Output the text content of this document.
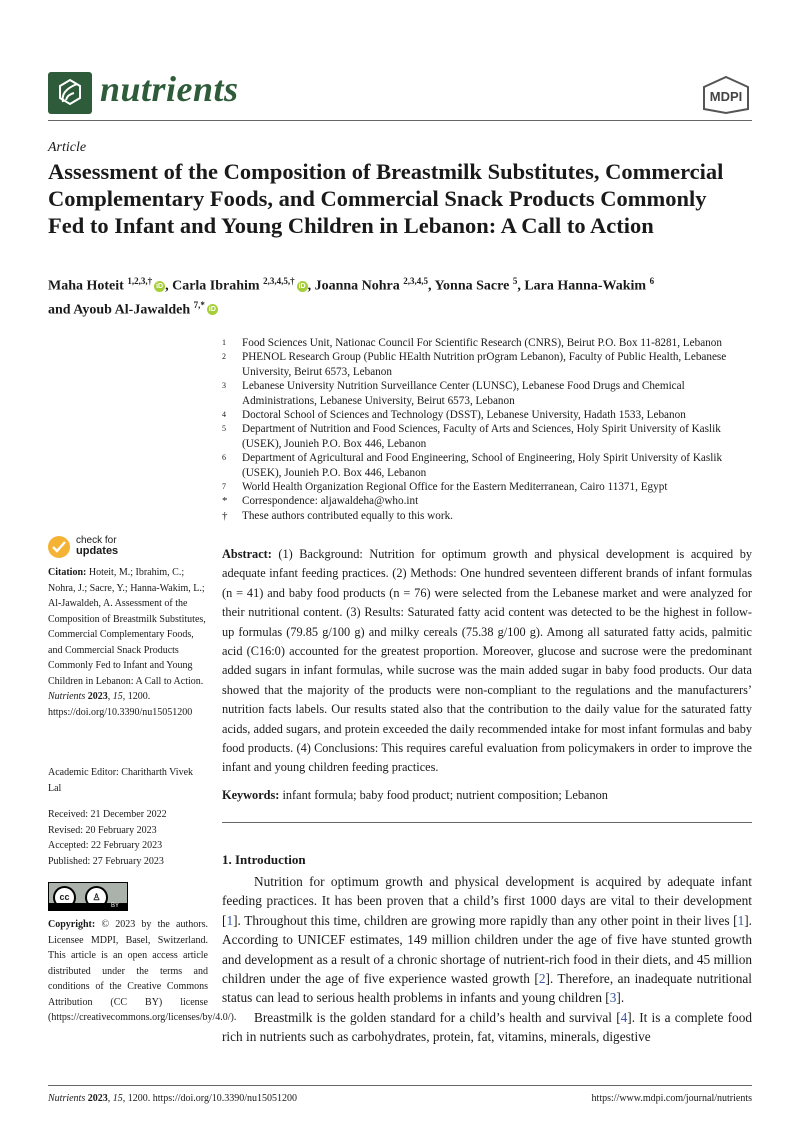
nutrients	MDPI
Article
Assessment of the Composition of Breastmilk Substitutes, Commercial Complementary Foods, and Commercial Snack Products Commonly Fed to Infant and Young Children in Lebanon: A Call to Action
Maha Hoteit $^{1,2,3,\dagger}$iD , Carla Ibrahim $^{2,3,4,5,\dagger}$iD , Joanna Nohra $^{2,3,4,5}$, Yonna Sacre $^5$, Lara Hanna-Wakim $^6$
and Ayoub Al-Jawaldeh $^{7,*}$iD
1	Food Sciences Unit, Nationac Council For Scientific Research (CNRS), Beirut P.O. Box 11-8281, Lebanon
2	PHENOL Research Group (Public HEalth Nutrition prOgram Lebanon), Faculty of Public Health, Lebanese University, Beirut 6573, Lebanon
3	Lebanese University Nutrition Surveillance Center (LUNSC), Lebanese Food Drugs and Chemical Administrations, Lebanese University, Beirut 6573, Lebanon
4	Doctoral School of Sciences and Technology (DSST), Lebanese University, Hadath 1533, Lebanon
5	Department of Nutrition and Food Sciences, Faculty of Arts and Sciences, Holy Spirit University of Kaslik (USEK), Jounieh P.O. Box 446, Lebanon
6	Department of Agricultural and Food Engineering, School of Engineering, Holy Spirit University of Kaslik (USEK), Jounieh P.O. Box 446, Lebanon
7	World Health Organization Regional Office for the Eastern Mediterranean, Cairo 11371, Egypt
*	Correspondence: aljawaldeha@who.int
†	These authors contributed equally to this work.
check for
updates
Citation: Hoteit, M.; Ibrahim, C.; Nohra, J.; Sacre, Y.; Hanna-Wakim, L.; Al-Jawaldeh, A. Assessment of the Composition of Breastmilk Substitutes, Commercial Complementary Foods, and Commercial Snack Products Commonly Fed to Infant and Young Children in Lebanon: A Call to Action. Nutrients 2023, 15, 1200. https://doi.org/10.3390/nu15051200
Academic Editor: Charitharth Vivek Lal
Received: 21 December 2022
Revised: 20 February 2023
Accepted: 22 February 2023
Published: 27 February 2023
cc	♙
BY
Copyright: © 2023 by the authors. Licensee MDPI, Basel, Switzerland. This article is an open access article distributed under the terms and conditions of the Creative Commons Attribution (CC BY) license (https://creativecommons.org/licenses/by/4.0/).
Abstract: (1) Background: Nutrition for optimum growth and physical development is acquired by adequate infant feeding practices. (2) Methods: One hundred seventeen different brands of infant formulas (n = 41) and baby food products (n = 76) were selected from the Lebanese market and were analyzed for their nutritional content. (3) Results: Saturated fatty acid content was detected to be the highest in follow-up formulas (79.85 g/100 g) and milky cereals (75.38 g/100 g). Among all saturated fatty acids, palmitic acid (C16:0) accounted for the greatest proportion. Moreover, glucose and sucrose were the predominant added sugars in infant formulas, while sucrose was the main added sugar in baby food products. Our data showed that the majority of the products were non-compliant to the regulations and the manufacturers’ nutrition facts labels. Our results stated also that the contribution to the daily value for the saturated fatty acids, added sugars, and protein exceeded the daily recommended intake for most infant formulas and baby food products. (4) Conclusions: This requires careful evaluation from policymakers in order to improve the infant and young children feeding practices.
Keywords: infant formula; baby food product; nutrient composition; Lebanon
1. Introduction

Nutrition for optimum growth and physical development is acquired by adequate infant feeding practices. It has been proven that a child’s first 1000 days are vital to their development [1]. Throughout this time, children are growing more rapidly than any other point in their lives [1]. According to UNICEF estimates, 149 million children under the age of five have stunted growth and development as a result of a chronic shortage of nutrient-rich food in their diets, and 45 million children under the age of five experience wasted growth [2]. Therefore, an inadequate nutritional status can lead to serious health problems in infants and young children [3].

Breastmilk is the golden standard for a child’s health and survival [4]. It is a complete food rich in nutrients such as carbohydrates, protein, fat, vitamins, minerals, digestive

Nutrients 2023, 15, 1200. https://doi.org/10.3390/nu15051200	https://www.mdpi.com/journal/nutrients
